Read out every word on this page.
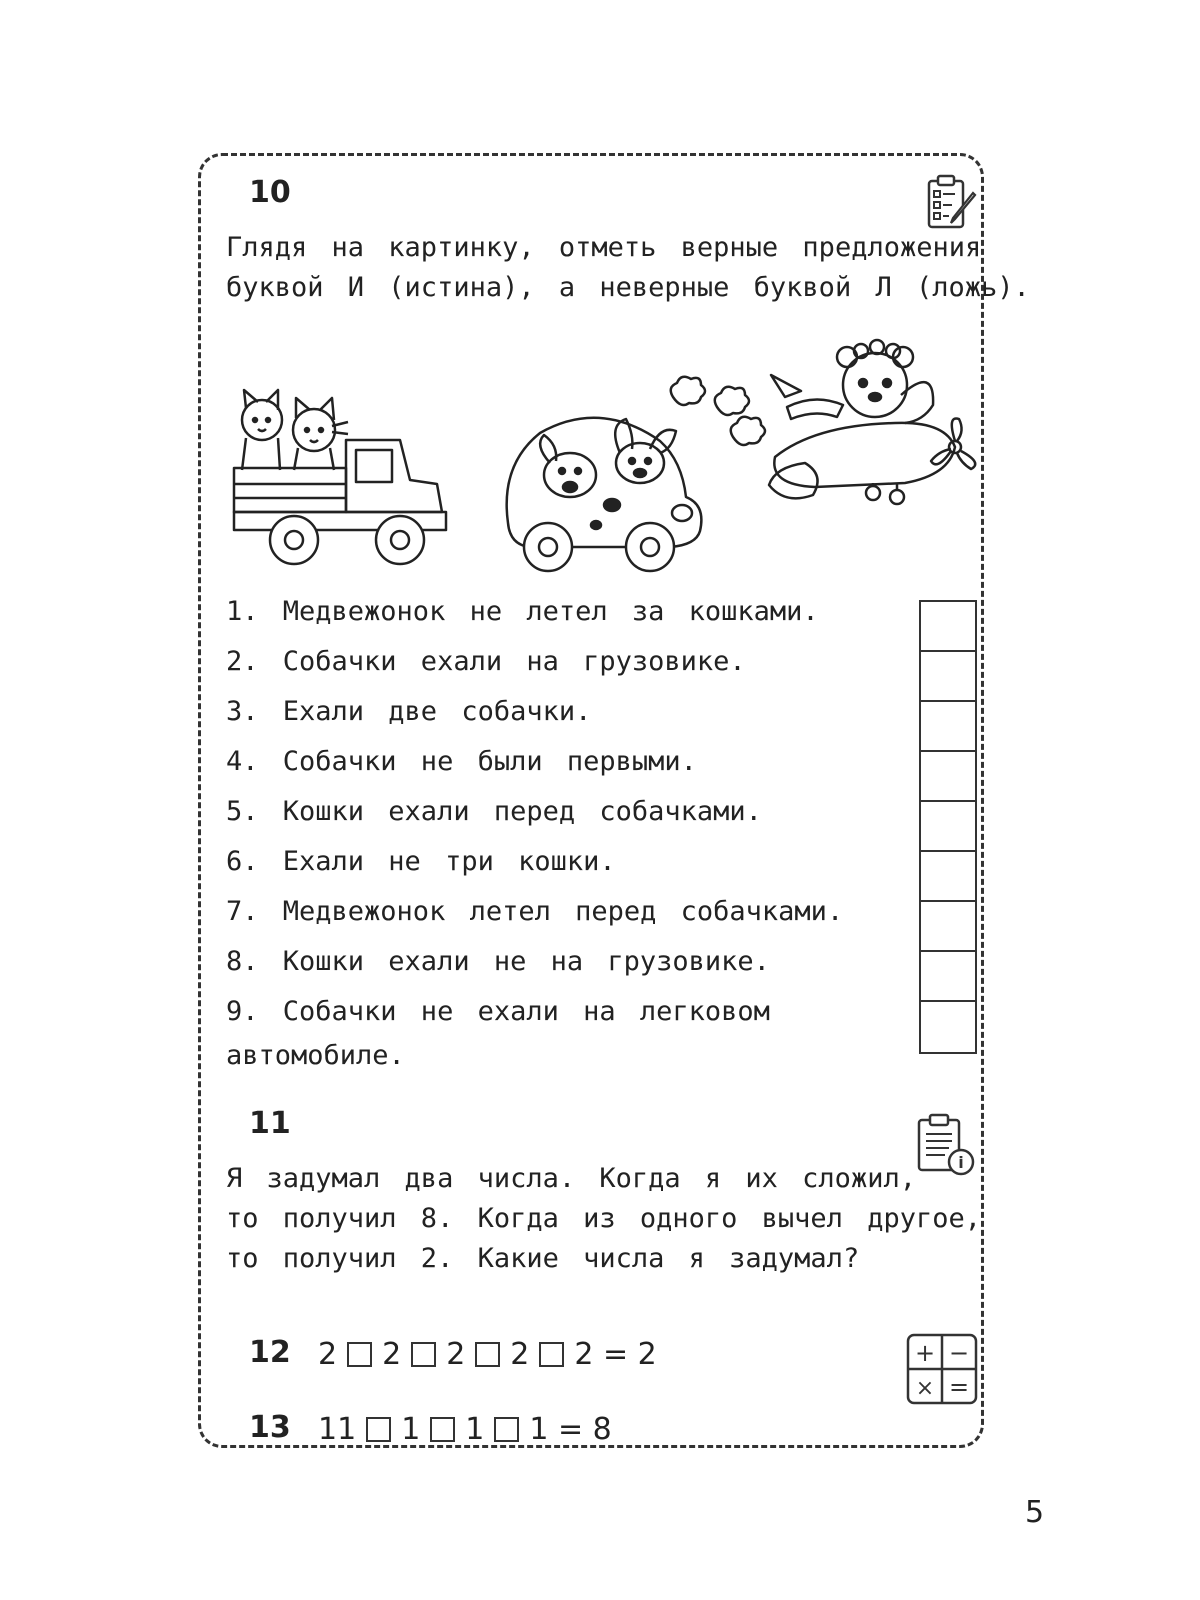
10
Глядя на картинку, отметь верные предложения
буквой И (истина), а неверные буквой Л (ложь).
1. Медвежонок не летел за кошками.
2. Собачки ехали на грузовике.
3. Ехали две собачки.
4. Собачки не были первыми.
5. Кошки ехали перед собачками.
6. Ехали не три кошки.
7. Медвежонок летел перед собачками.
8. Кошки ехали не на грузовике.
9. Собачки не ехали на легковом
автомобиле.
11
i
Я задумал два числа. Когда я их сложил,
то получил 8. Когда из одного вычел другое,
то получил 2. Какие числа я задумал?
12 2 2 2 2 2 = 2
13 11 1 1 1 = 8
+ −
× =
5
